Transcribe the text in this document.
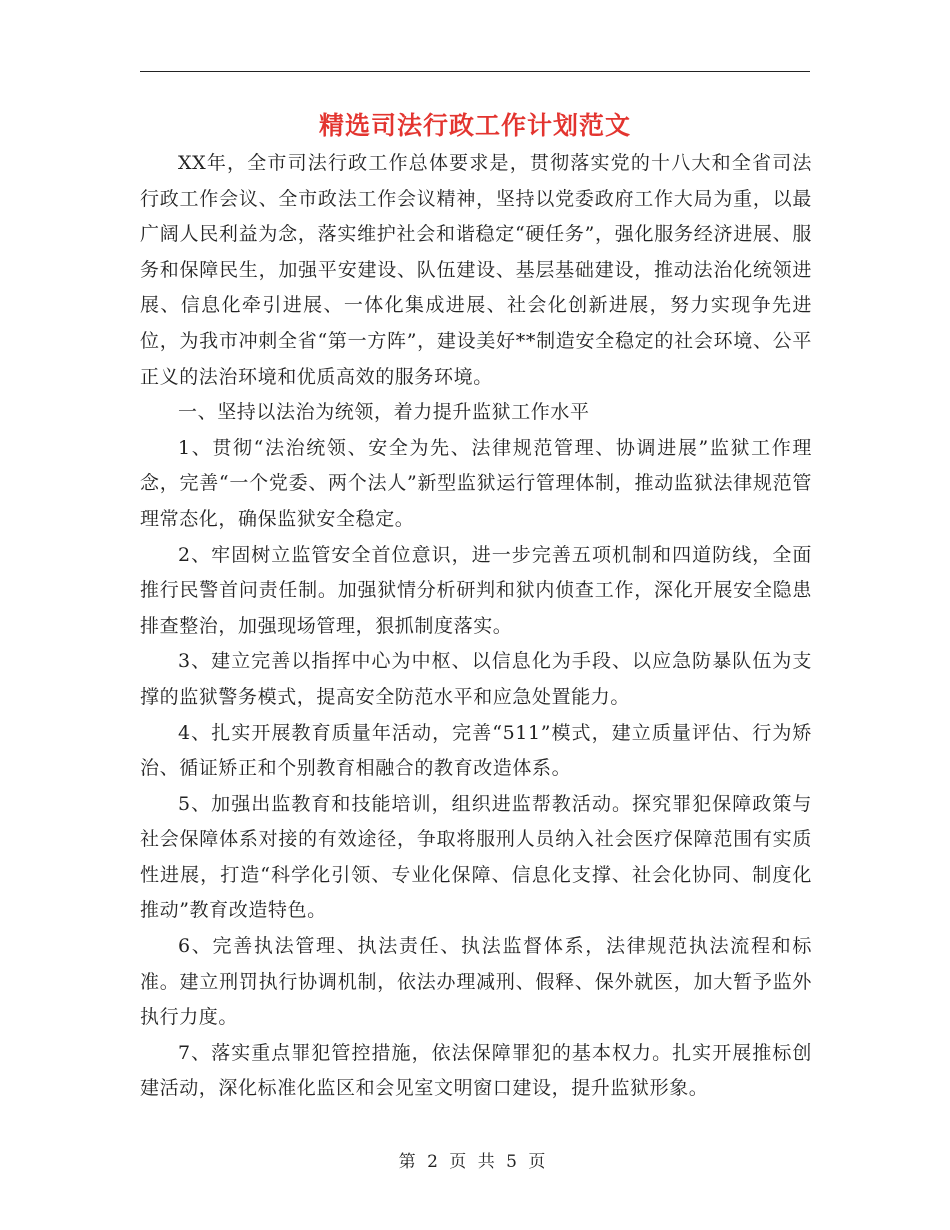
精选司法行政工作计划范文

XX年，全市司法行政工作总体要求是，贯彻落实党的十八大和全省司法行政工作会议、全市政法工作会议精神，坚持以党委政府工作大局为重，以最广阔人民利益为念，落实维护社会和谐稳定“硬任务”，强化服务经济进展、服务和保障民生，加强平安建设、队伍建设、基层基础建设，推动法治化统领进展、信息化牵引进展、一体化集成进展、社会化创新进展，努力实现争先进位，为我市冲刺全省“第一方阵”，建设美好**制造安全稳定的社会环境、公平正义的法治环境和优质高效的服务环境。

一、坚持以法治为统领，着力提升监狱工作水平

1、贯彻“法治统领、安全为先、法律规范管理、协调进展”监狱工作理念，完善“一个党委、两个法人”新型监狱运行管理体制，推动监狱法律规范管理常态化，确保监狱安全稳定。

2、牢固树立监管安全首位意识，进一步完善五项机制和四道防线，全面推行民警首问责任制。加强狱情分析研判和狱内侦查工作，深化开展安全隐患排查整治，加强现场管理，狠抓制度落实。

3、建立完善以指挥中心为中枢、以信息化为手段、以应急防暴队伍为支撑的监狱警务模式，提高安全防范水平和应急处置能力。

4、扎实开展教育质量年活动，完善“511”模式，建立质量评估、行为矫治、循证矫正和个别教育相融合的教育改造体系。

5、加强出监教育和技能培训，组织进监帮教活动。探究罪犯保障政策与社会保障体系对接的有效途径，争取将服刑人员纳入社会医疗保障范围有实质性进展，打造“科学化引领、专业化保障、信息化支撑、社会化协同、制度化推动”教育改造特色。

6、完善执法管理、执法责任、执法监督体系，法律规范执法流程和标准。建立刑罚执行协调机制，依法办理减刑、假释、保外就医，加大暂予监外执行力度。

7、落实重点罪犯管控措施，依法保障罪犯的基本权力。扎实开展推标创建活动，深化标准化监区和会见室文明窗口建设，提升监狱形象。

第 2 页 共 5 页
